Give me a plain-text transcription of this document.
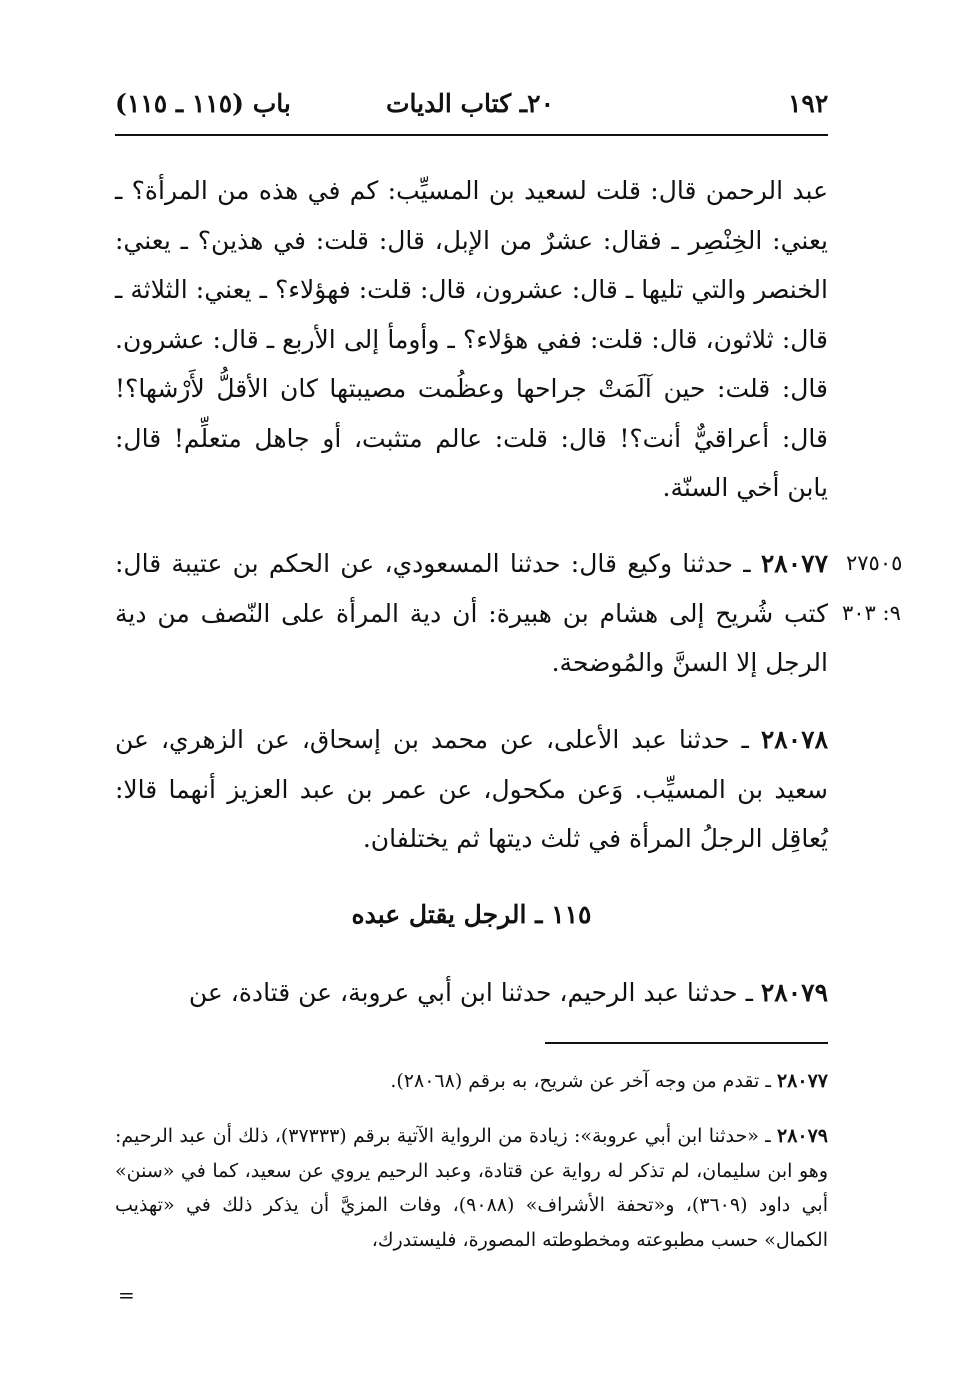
١٩٢
٢٠ـ كتاب الديات
باب (١١٥ ـ ١١٥)
عبد الرحمن قال: قلت لسعيد بن المسيِّب: كم في هذه من المرأة؟ ـ يعني: الخِنْصِر ـ فقال: عشرٌ من الإبل، قال: قلت: في هذين؟ ـ يعني: الخنصر والتي تليها ـ قال: عشرون، قال: قلت: فهؤلاء؟ ـ يعني: الثلاثة ـ قال: ثلاثون، قال: قلت: ففي هؤلاء؟ ـ وأومأ إلى الأربع ـ قال: عشرون. قال: قلت: حين آلَمَتْ جراحها وعظُمت مصيبتها كان الأقلُّ لأَرْشها؟! قال: أعراقيٌّ أنت؟! قال: قلت: عالم متثبت، أو جاهل متعلِّم! قال: يابن أخي السنّة.
٢٧٥٠٥
٩: ٣٠٣
٢٨٠٧٧ ـ حدثنا وكيع قال: حدثنا المسعودي، عن الحكم بن عتيبة قال: كتب شُريح إلى هشام بن هبيرة: أن دية المرأة على النّصف من دية الرجل إلا السنَّ والمُوضحة.
٢٨٠٧٨ ـ حدثنا عبد الأعلى، عن محمد بن إسحاق، عن الزهري، عن سعيد بن المسيِّب. وَعن مكحول، عن عمر بن عبد العزيز أنهما قالا: يُعاقِل الرجلُ المرأة في ثلث ديتها ثم يختلفان.
١١٥ ـ الرجل يقتل عبده
٢٨٠٧٩ ـ حدثنا عبد الرحيم، حدثنا ابن أبي عروبة، عن قتادة، عن
٢٨٠٧٧ ـ تقدم من وجه آخر عن شريح، به برقم (٢٨٠٦٨).
٢٨٠٧٩ ـ «حدثنا ابن أبي عروبة»: زيادة من الرواية الآتية برقم (٣٧٣٣٣)، ذلك أن عبد الرحيم: وهو ابن سليمان، لم تذكر له رواية عن قتادة، وعبد الرحيم يروي عن سعيد، كما في «سنن» أبي داود (٣٦٠٩)، و«تحفة الأشراف» (٩٠٨٨)، وفات المزيَّ أن يذكر ذلك في «تهذيب الكمال» حسب مطبوعته ومخطوطته المصورة، فليستدرك،
=
